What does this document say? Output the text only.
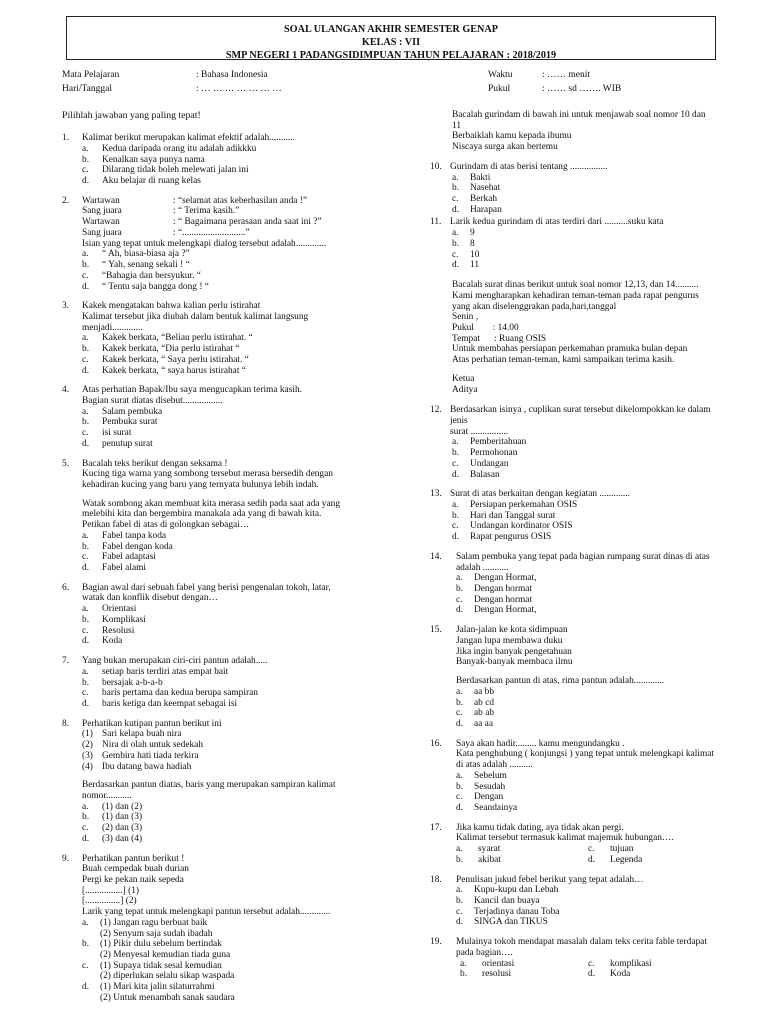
SOAL ULANGAN AKHIR SEMESTER GENAP
KELAS : VII
SMP NEGERI 1 PADANGSIDIMPUAN TAHUN PELAJARAN : 2018/2019
Mata Pelajaran	: Bahasa Indonesia
Hari/Tanggal	: … … … … … … …
Waktu	: …… menit
Pukul	: …… sd ……. WIB
Pilihlah jawaban yang paling tepat!
1. Kalimat berikut merupakan kalimat efektif adalah...........
a. Kedua daripada orang itu adalah adikkku
b. Kenalkan saya punya nama
c. Dilarang tidak boleh melewati jalan ini
d. Aku belajar di ruang kelas
2. Wartawan	: “selamat atas keberhasilan anda !”
Sang juara	: “ Terima kasih.”
Wartawan	: “ Bagaimana perasaan anda saat ini ?”
Sang juara	: “...........................”
Isian yang tepat untuk melengkapi dialog tersebut adalah.............
a. “ Ah, biasa-biasa aja ?”
b. “ Yah, senang sekali ! “
c. “Bahagia dan bersyukur. “
d. “ Tentu saja bangga dong ! “
3. Kakek mengatakan bahwa kalian perlu istirahat
Kalimat tersebut jika diubah dalam bentuk kalimat langsung
menjadi.............
a. Kakek berkata, “Beliau perlu istirahat. “
b. Kakek berkata, “Dia perlu istirahat “
c. Kakek berkata, “ Saya perlu istirahat. “
d. Kakek berkata, “ saya harus istirahat “
4. Atas perhatian Bapak/Ibu saya mengucapkan terima kasih.
Bagian surat diatas disebut.................
a. Salam pembuka
b. Pembuka surat
c. isi surat
d. penutup surat
5. Bacalah teks berikut dengan seksama !
Kucing tiga warna yang sombong tersebut merasa bersedih dengan
kehadiran kucing yang baru yang ternyata bulunya lebih indah.
Watak sombong akan membuat kita merasa sedih pada saat ada yang
melebihi kita dan bergembira manakala ada yang di bawah kita.
Petikan fabel di atas di golongkan sebagai…
a. Fabel tanpa koda
b. Fabel dengan koda
c. Fabel adaptasi
d. Fabel alami
6. Bagian awal dari sebuah fabel yang berisi pengenalan tokoh, latar,
watak dan konflik disebut dengan…
a. Orientasi
b. Komplikasi
c. Resolusi
d. Koda
7. Yang bukan merupakan ciri-ciri pantun adalah.....
a. setiap baris terdiri atas empat bait
b. bersajak a-b-a-b
c. baris pertama dan kedua berupa sampiran
d. baris ketiga dan keempat sebagai isi
8. Perhatikan kutipan pantun berikut ini
(1) Sari kelapa buah nira
(2) Nira di olah untuk sedekah
(3) Gembira hati tiada terkira
(4) Ibu datang bawa hadiah
Berdasarkan pantun diatas, baris yang merupakan sampiran kalimat
nomor...........
a. (1) dan (2)
b. (1) dan (3)
c. (2) dan (3)
d. (3) dan (4)
9. Perhatikan pantun berikut !
Buah cempedak buah durian
Pergi ke pekan naik sepeda
[................] (1)
[...............] (2)
Larik yang tepat untuk melengkapi pantun tersebut adalah.............
a. (1) Jangan ragu berbuat baik
(2) Senyum saja sudah ibadah
b. (1) Pikir dulu sebelum bertindak
(2) Menyesal kemudian tiada guna
c. (1) Supaya tidak sesal kemudian
(2) diperlukan selalu sikap waspada
d. (1) Mari kita jalin silaturrahmi
(2) Untuk menambah sanak saudara
Bacalah gurindam di bawah ini untuk menjawab soal nomor 10 dan
11
Berbaiklah kamu kepada ibumu
Niscaya surga akan bertemu
10. Gurindam di atas berisi tentang ................
a. Bakti
b. Nasehat
c. Berkah
d. Harapan
11. Larik kedua gurindam di atas terdiri dari ..........suku kata
a. 9
b. 8
c. 10
d. 11
Bacalah surat dinas berikut untuk soal nomor 12,13, dan 14..........
Kami mengharapkan kehadiran teman-teman pada rapat pengurus
yang akan diselenggrakan pada,hari,tanggal
Senin ,
Pukul        : 14.00
Tempat      : Ruang OSIS
Untuk membahas persiapan perkemahan pramuka bulan depan
Atas perhatian teman-teman, kami sampaikan terima kasih.
Ketua
Aditya
12. Berdasarkan isinya , cuplikan surat tersebut dikelompokkan ke dalam jenis
surat ................
a. Pemberitahuan
b. Permohonan
c. Undangan
d. Balasan
13. Surat di atas berkaitan dengan kegiatan .............
a. Persiapan perkemahan OSIS
b. Hari dan Tanggal surat
c. Undangan kordinator OSIS
d. Rapat pengurus OSIS
14. Salam pembuka yang tepat pada bagian rumpang surat dinas di atas
adalah ...........
a. Dengan Hormat,
b. Dengan hormat
c. Dengan hormat
d. Dengan Hormat,
15. Jalan-jalan ke kota sidimpuan
Jangan lupa membawa duku
Jika ingin banyak pengetahuan
Banyak-banyak membaca ilmu
Berdasarkan pantun di atas, rima pantun adalah.............
a. aa bb
b. ab cd
c. ab ab
d. aa aa
16. Saya akan hadir......... kamu mengundangku .
Kata penghubung ( konjungsi ) yang tepat untuk melengkapi kalimat
di atas adalah ..........
a. Sebelum
b. Sesudah
c. Dengan
d. Seandainya
17. Jika kamu tidak dating, aya tidak akan pergi.
Kalimat tersebut termasuk kalimat majemuk hubungan….
a. syarat	c. tujuan
b. akibat	d. Legenda
18. Penulisan jukud febel berikut yang tepat adalah…
a. Kupu-kupu dan Lebah
b. Kancil dan buaya
c. Terjadinya danau Toba
d. SINGA dan TIKUS
19. Mulainya tokoh mendapat masalah dalam teks cerita fable terdapat
pada bagian….
a. orientasi	c. komplikasi
b. resolusi	d. Koda
